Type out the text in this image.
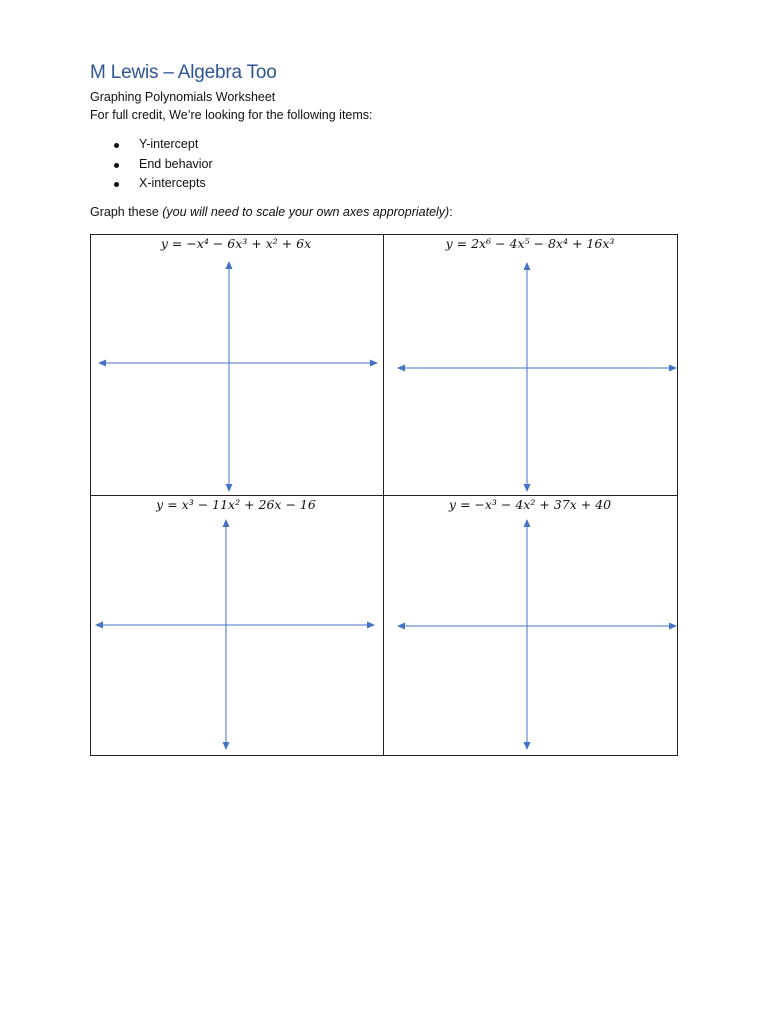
M Lewis – Algebra Too
Graphing Polynomials Worksheet
For full credit, We’re looking for the following items:
Y-intercept
End behavior
X-intercepts
Graph these (you will need to scale your own axes appropriately):
y = −x⁴ − 6x³ + x² + 6x	y = 2x⁶ − 4x⁵ − 8x⁴ + 16x³
y = x³ − 11x² + 26x − 16	y = −x³ − 4x² + 37x + 40
